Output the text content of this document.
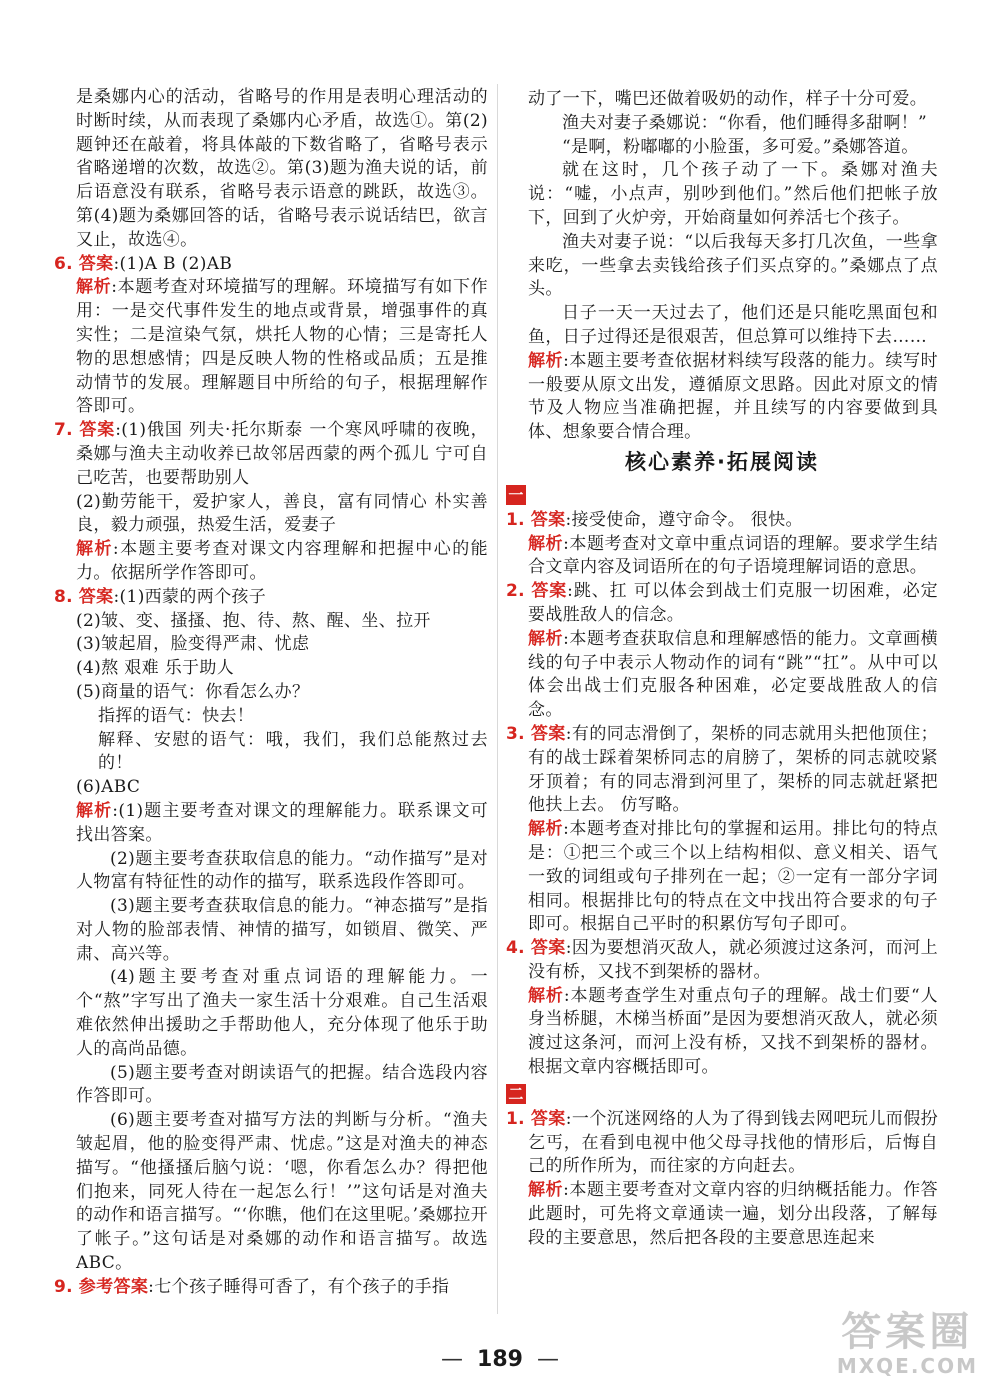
是桑娜内心的活动，省略号的作用是表明心理活动的时断时续，从而表现了桑娜内心矛盾，故选①。第(2)题钟还在敲着，将具体敲的下数省略了，省略号表示省略递增的次数，故选②。第(3)题为渔夫说的话，前后语意没有联系，省略号表示语意的跳跃，故选③。第(4)题为桑娜回答的话，省略号表示说话结巴，欲言又止，故选④。

6. 答案:(1)A B (2)AB

解析:本题考查对环境描写的理解。环境描写有如下作用：一是交代事件发生的地点或背景，增强事件的真实性；二是渲染气氛，烘托人物的心情；三是寄托人物的思想感情；四是反映人物的性格或品质；五是推动情节的发展。理解题目中所给的句子，根据理解作答即可。

7. 答案:(1)俄国 列夫·托尔斯泰 一个寒风呼啸的夜晚，桑娜与渔夫主动收养已故邻居西蒙的两个孤儿 宁可自己吃苦，也要帮助别人

(2)勤劳能干，爱护家人，善良，富有同情心 朴实善良，毅力顽强，热爱生活，爱妻子

解析:本题主要考查对课文内容理解和把握中心的能力。依据所学作答即可。

8. 答案:(1)西蒙的两个孩子

(2)皱、变、搔搔、抱、待、熬、醒、坐、拉开

(3)皱起眉，脸变得严肃、忧虑

(4)熬 艰难 乐于助人

(5)商量的语气：你看怎么办？

指挥的语气：快去！

解释、安慰的语气：哦，我们，我们总能熬过去的！

(6)ABC

解析:(1)题主要考查对课文的理解能力。联系课文可找出答案。

(2)题主要考查获取信息的能力。“动作描写”是对人物富有特征性的动作的描写，联系选段作答即可。

(3)题主要考查获取信息的能力。“神态描写”是指对人物的脸部表情、神情的描写，如锁眉、微笑、严肃、高兴等。

(4)题主要考查对重点词语的理解能力。一个“熬”字写出了渔夫一家生活十分艰难。自己生活艰难依然伸出援助之手帮助他人，充分体现了他乐于助人的高尚品德。

(5)题主要考查对朗读语气的把握。结合选段内容作答即可。

(6)题主要考查对描写方法的判断与分析。“渔夫皱起眉，他的脸变得严肃、忧虑。”这是对渔夫的神态描写。“他搔搔后脑勺说：‘嗯，你看怎么办？得把他们抱来，同死人待在一起怎么行！’”这句话是对渔夫的动作和语言描写。“‘你瞧，他们在这里呢。’桑娜拉开了帐子。”这句话是对桑娜的动作和语言描写。故选ABC。

9. 参考答案:七个孩子睡得可香了，有个孩子的手指

动了一下，嘴巴还做着吸奶的动作，样子十分可爱。

渔夫对妻子桑娜说：“你看，他们睡得多甜啊！”

“是啊，粉嘟嘟的小脸蛋，多可爱。”桑娜答道。

就在这时，几个孩子动了一下。桑娜对渔夫说：“嘘，小点声，别吵到他们。”然后他们把帐子放下，回到了火炉旁，开始商量如何养活七个孩子。

渔夫对妻子说：“以后我每天多打几次鱼，一些拿来吃，一些拿去卖钱给孩子们买点穿的。”桑娜点了点头。

日子一天一天过去了，他们还是只能吃黑面包和鱼，日子过得还是很艰苦，但总算可以维持下去……

解析:本题主要考查依据材料续写段落的能力。续写时一般要从原文出发，遵循原文思路。因此对原文的情节及人物应当准确把握，并且续写的内容要做到具体、想象要合情合理。

核心素养·拓展阅读
一

1. 答案:接受使命，遵守命令。 很快。

解析:本题考查对文章中重点词语的理解。要求学生结合文章内容及词语所在的句子语境理解词语的意思。

2. 答案:跳、扛 可以体会到战士们克服一切困难，必定要战胜敌人的信念。

解析:本题考查获取信息和理解感悟的能力。文章画横线的句子中表示人物动作的词有“跳”“扛”。从中可以体会出战士们克服各种困难，必定要战胜敌人的信念。

3. 答案:有的同志滑倒了，架桥的同志就用头把他顶住；有的战士踩着架桥同志的肩膀了，架桥的同志就咬紧牙顶着；有的同志滑到河里了，架桥的同志就赶紧把他扶上去。 仿写略。

解析:本题考查对排比句的掌握和运用。排比句的特点是：①把三个或三个以上结构相似、意义相关、语气一致的词组或句子排列在一起；②一定有一部分字词相同。根据排比句的特点在文中找出符合要求的句子即可。根据自己平时的积累仿写句子即可。

4. 答案:因为要想消灭敌人，就必须渡过这条河，而河上没有桥，又找不到架桥的器材。

解析:本题考查学生对重点句子的理解。战士们要“人身当桥腿，木梯当桥面”是因为要想消灭敌人，就必须渡过这条河，而河上没有桥，又找不到架桥的器材。根据文章内容概括即可。

二

1. 答案:一个沉迷网络的人为了得到钱去网吧玩儿而假扮乞丐，在看到电视中他父母寻找他的情形后，后悔自己的所作所为，而往家的方向赶去。

解析:本题主要考查对文章内容的归纳概括能力。作答此题时，可先将文章通读一遍，划分出段落，了解每段的主要意思，然后把各段的主要意思连起来

— 189 —
答案圈
MXQE.COM
